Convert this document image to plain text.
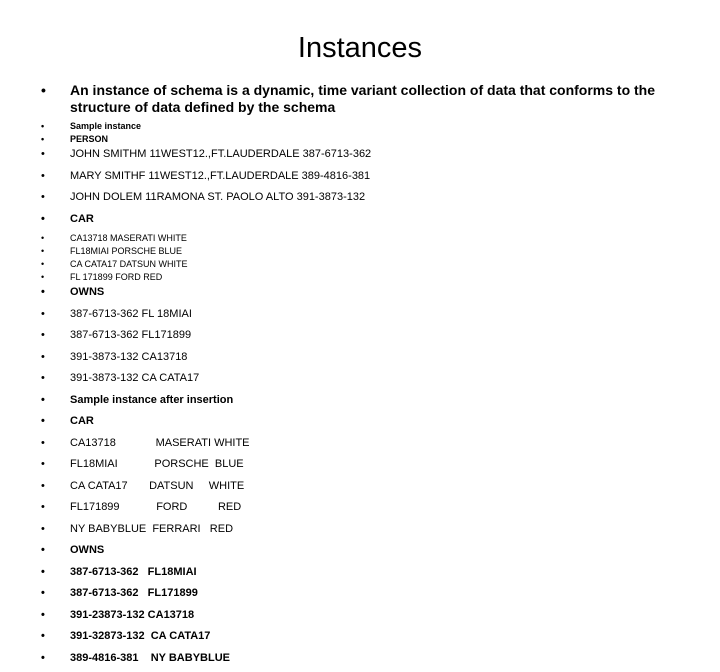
Instances
• An instance of schema is a dynamic, time variant collection of data that conforms to the structure of data defined by the schema
•	Sample instance
•	PERSON
• JOHN SMITHM 11WEST12.,FT.LAUDERDALE 387-6713-362
• MARY SMITHF 11WEST12.,FT.LAUDERDALE 389-4816-381
• JOHN DOLEM 11RAMONA ST. PAOLO ALTO 391-3873-132
• CAR
•	CA13718 MASERATI WHITE
•	FL18MIAI PORSCHE BLUE
•	CA CATA17 DATSUN WHITE
•	FL 171899 FORD RED
• OWNS
• 387-6713-362 FL 18MIAI
• 387-6713-362 FL171899
• 391-3873-132 CA13718
• 391-3873-132 CA CATA17
• Sample instance after insertion
• CAR
• CA13718             MASERATI WHITE
• FL18MIAI            PORSCHE  BLUE
• CA CATA17       DATSUN     WHITE
• FL171899            FORD          RED
• NY BABYBLUE  FERRARI   RED
• OWNS
• 387-6713-362   FL18MIAI
• 387-6713-362   FL171899
• 391-23873-132 CA13718
• 391-32873-132  CA CATA17
• 389-4816-381    NY BABYBLUE
